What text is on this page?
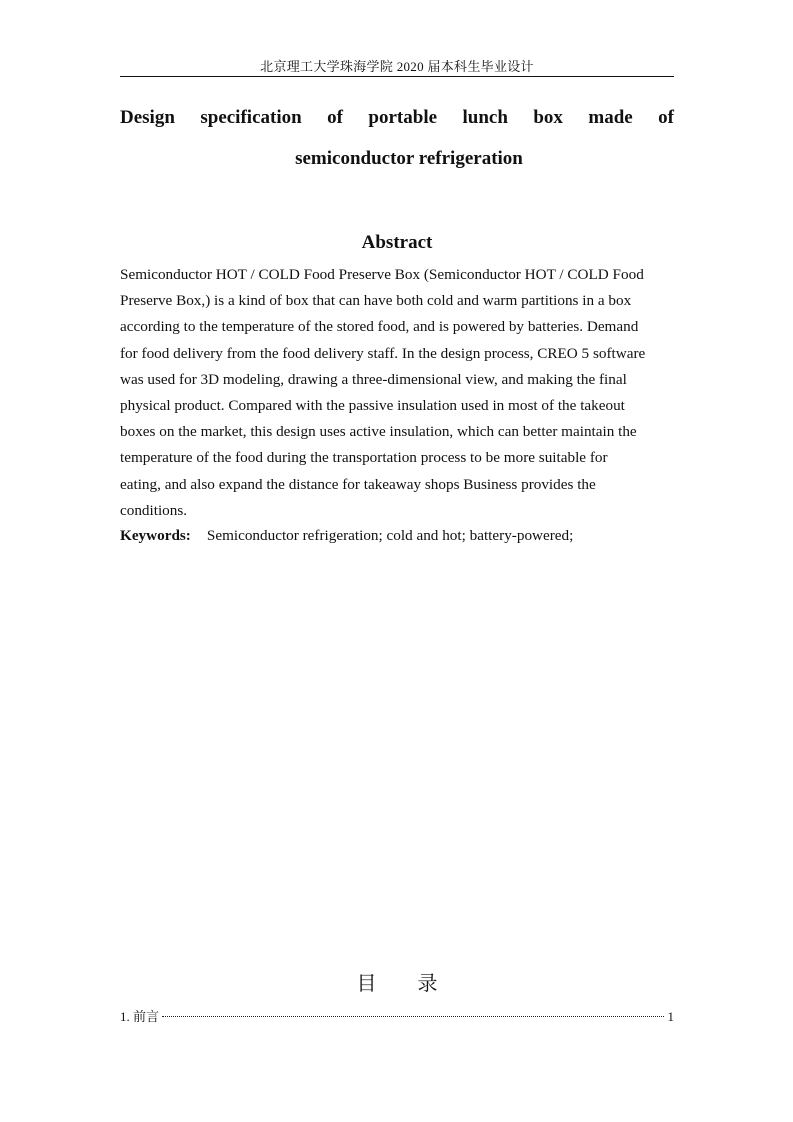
北京理工大学珠海学院 2020 届本科生毕业设计
Design specification of portable lunch box made of
semiconductor refrigeration
Abstract
Semiconductor HOT / COLD Food Preserve Box (Semiconductor HOT / COLD Food
Preserve Box,) is a kind of box that can have both cold and warm partitions in a box
according to the temperature of the stored food, and is powered by batteries. Demand
for food delivery from the food delivery staff. In the design process, CREO 5 software
was used for 3D modeling, drawing a three-dimensional view, and making the final
physical product. Compared with the passive insulation used in most of the takeout
boxes on the market, this design uses active insulation, which can better maintain the
temperature of the food during the transportation process to be more suitable for
eating, and also expand the distance for takeaway shops Business provides the
conditions.
Keywords: Semiconductor refrigeration; cold and hot; battery-powered;
目 录
1. 前言	1
